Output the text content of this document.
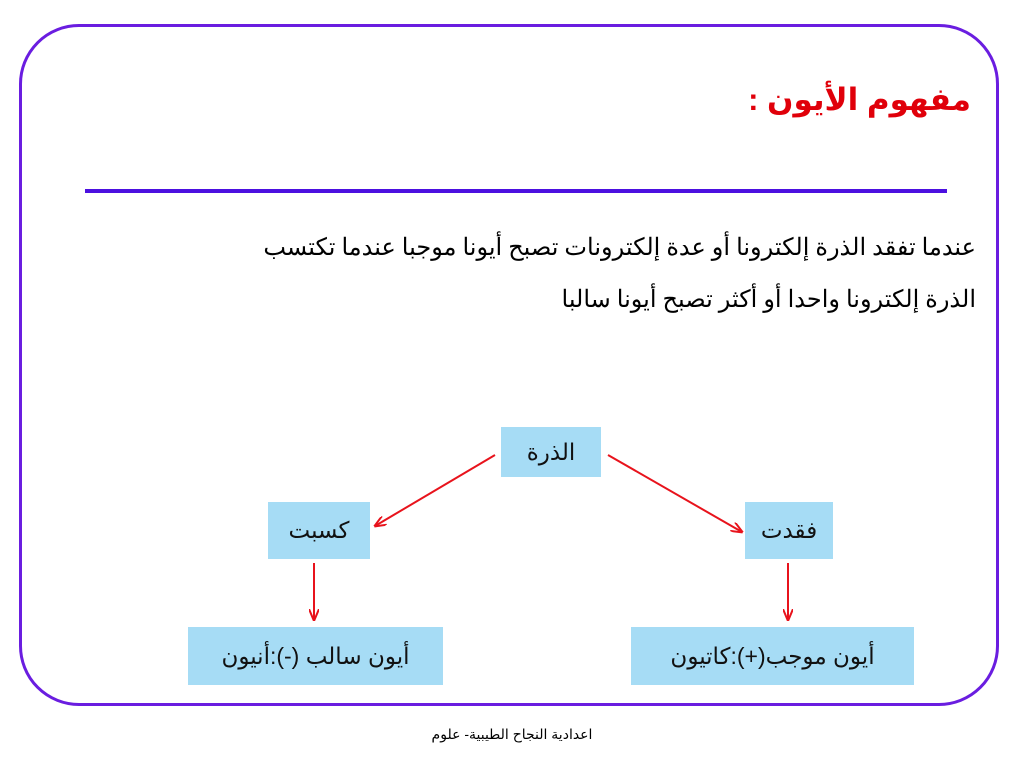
مفهوم الأيون :
عندما تفقد الذرة إلكترونا أو عدة إلكترونات تصبح أيونا موجبا عندما تكتسب
الذرة إلكترونا واحدا أو أكثر تصبح أيونا سالبا
الذرة
كسبت	فقدت
أيون سالب (-):أنيون	أيون موجب(+):كاتيون
اعدادية النجاح الطيبية- علوم
